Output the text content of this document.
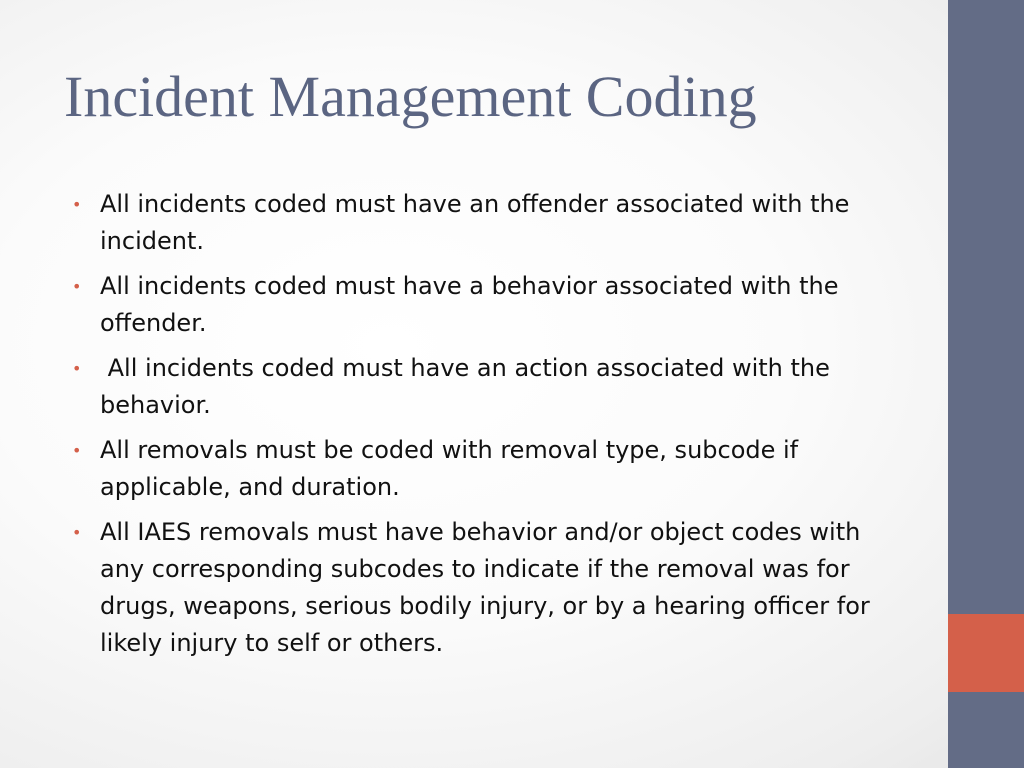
Incident Management Coding
• All incidents coded must have an offender associated with the incident.
• All incidents coded must have a behavior associated with the offender.
• All incidents coded must have an action associated with the behavior.
• All removals must be coded with removal type, subcode if applicable, and duration.
• All IAES removals must have behavior and/or object codes with any corresponding subcodes to indicate if the removal was for drugs, weapons, serious bodily injury, or by a hearing officer for likely injury to self or others.
